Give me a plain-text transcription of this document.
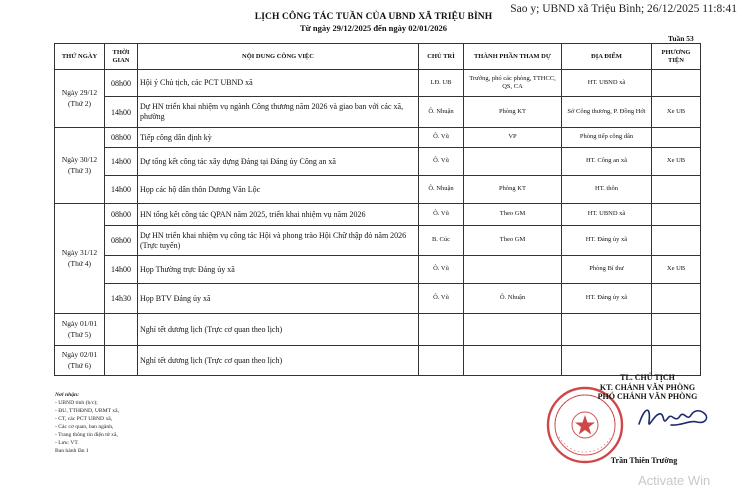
Sao y; UBND xã Triệu Bình; 26/12/2025 11:8:41
LỊCH CÔNG TÁC TUẦN CỦA UBND XÃ TRIỆU BÌNH
Từ ngày 29/12/2025 đến ngày 02/01/2026
Tuần 53
THỨ NGÀY	THỜI GIAN	NỘI DUNG CÔNG VIỆC	CHỦ TRÌ	THÀNH PHẦN THAM DỰ	ĐỊA ĐIỂM	PHƯƠNG TIỆN

Ngày 29/12
(Thứ 2)	08h00	Hội ý Chủ tịch, các PCT UBND xã	LĐ. UB	Trưởng, phó các phòng, TTHCC, QS, CA	HT. UBND xã	
	14h00	Dự HN triển khai nhiệm vụ ngành Công thương năm 2026 và giao ban với các xã, phường	Ô. Nhuận	Phòng KT	Sở Công thương, P. Đồng Hới	Xe UB

Ngày 30/12
(Thứ 3)	08h00	Tiếp công dân định kỳ	Ô. Vũ	VP	Phòng tiếp công dân	
	14h00	Dự tổng kết công tác xây dựng Đảng tại Đảng ủy Công an xã	Ô. Vũ		HT. Công an xã	Xe UB
	14h00	Họp các hộ dân thôn Dương Văn Lộc	Ô. Nhuận	Phòng KT	HT. thôn	

Ngày 31/12
(Thứ 4)	08h00	HN tổng kết công tác QPAN năm 2025, triển khai nhiệm vụ năm 2026	Ô. Vũ	Theo GM	HT. UBND xã	
	08h00	Dự HN triển khai nhiệm vụ công tác Hội và phong trào Hội Chữ thập đỏ năm 2026 (Trực tuyến)	B. Cúc	Theo GM	HT. Đảng ủy xã	
	14h00	Họp Thường trực Đảng ủy xã	Ô. Vũ		Phòng Bí thư	Xe UB
	14h30	Họp BTV Đảng ủy xã	Ô. Vũ	Ô. Nhuận	HT. Đảng ủy xã	

Ngày 01/01
(Thứ 5)		Nghỉ tết dương lịch (Trực cơ quan theo lịch)				

Ngày 02/01
(Thứ 6)		Nghỉ tết dương lịch (Trực cơ quan theo lịch)				
Nơi nhận:
- UBND tỉnh (b/c);
- ĐU, TTHĐND, UBMT xã,
- CT, các PCT UBND xã,
- Các cơ quan, ban ngành,
- Trang thông tin điện tử xã,
- Lưu: VT.
Ban hành lần 1
TL. CHỦ TỊCH
KT. CHÁNH VĂN PHÒNG
PHÓ CHÁNH VĂN PHÒNG
Trần Thiên Trường
Activate Win
